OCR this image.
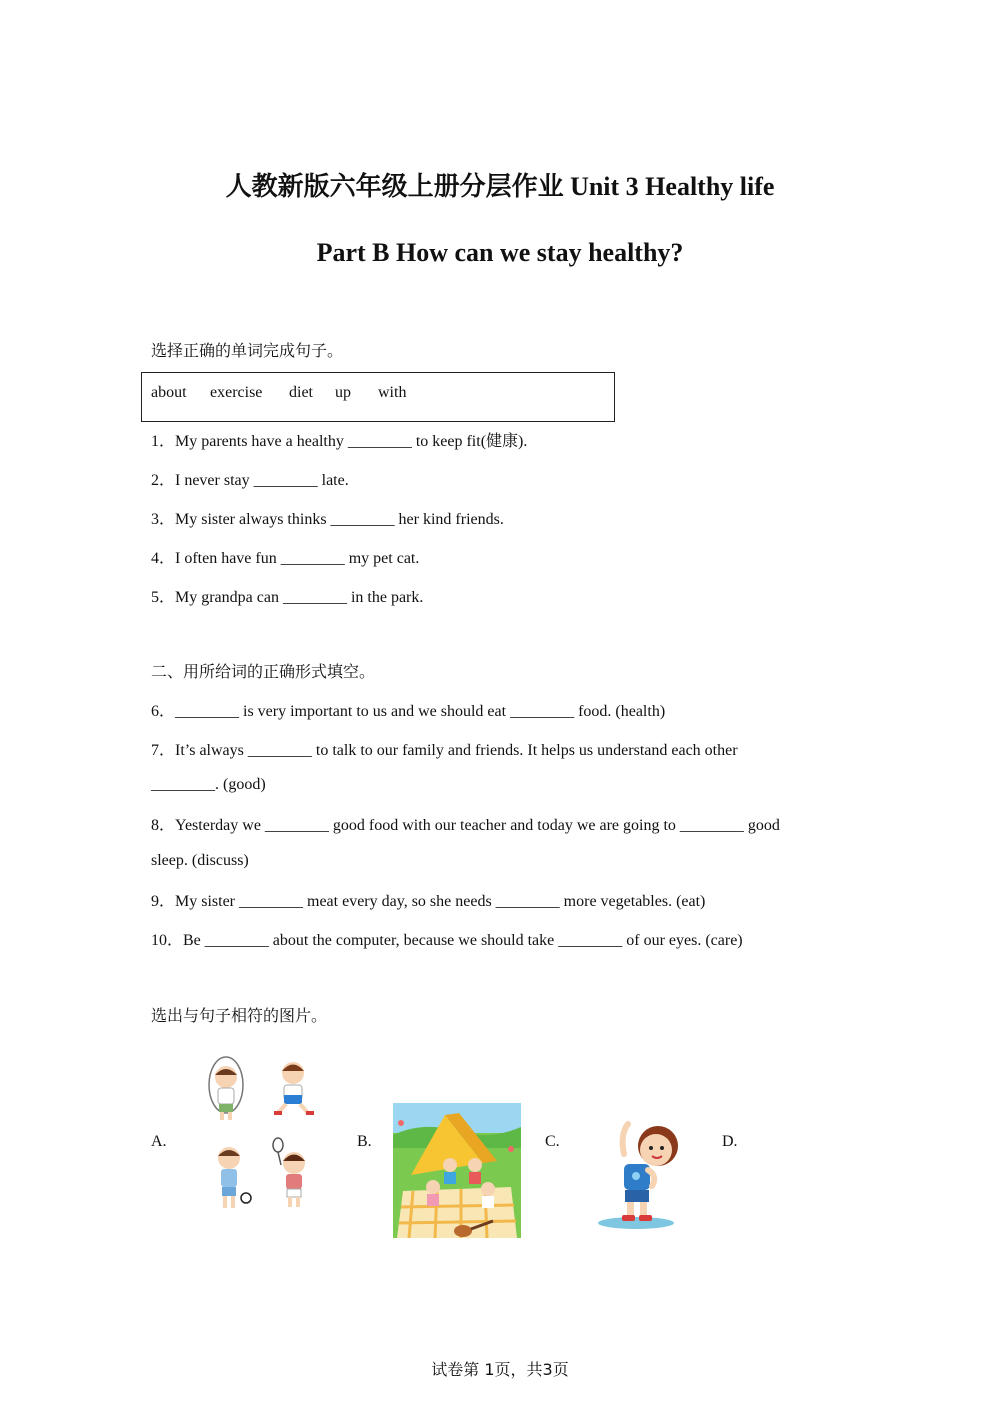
人教新版六年级上册分层作业 Unit 3 Healthy life
Part B How can we stay healthy?
选择正确的单词完成句子。
about exercise diet up with
1．My parents have a healthy ________ to keep fit(健康).
2．I never stay ________ late.
3．My sister always thinks ________ her kind friends.
4．I often have fun ________ my pet cat.
5．My grandpa can ________ in the park.
二、用所给词的正确形式填空。
6．________ is very important to us and we should eat ________ food. (health)
7．It’s always ________ to talk to our family and friends. It helps us understand each other
________. (good)
8．Yesterday we ________ good food with our teacher and today we are going to ________ good
sleep. (discuss)
9．My sister ________ meat every day, so she needs ________ more vegetables. (eat)
10．Be ________ about the computer, because we should take ________ of our eyes. (care)
选出与句子相符的图片。
A.	B.	C.	D.
试卷第 1页，共3页
